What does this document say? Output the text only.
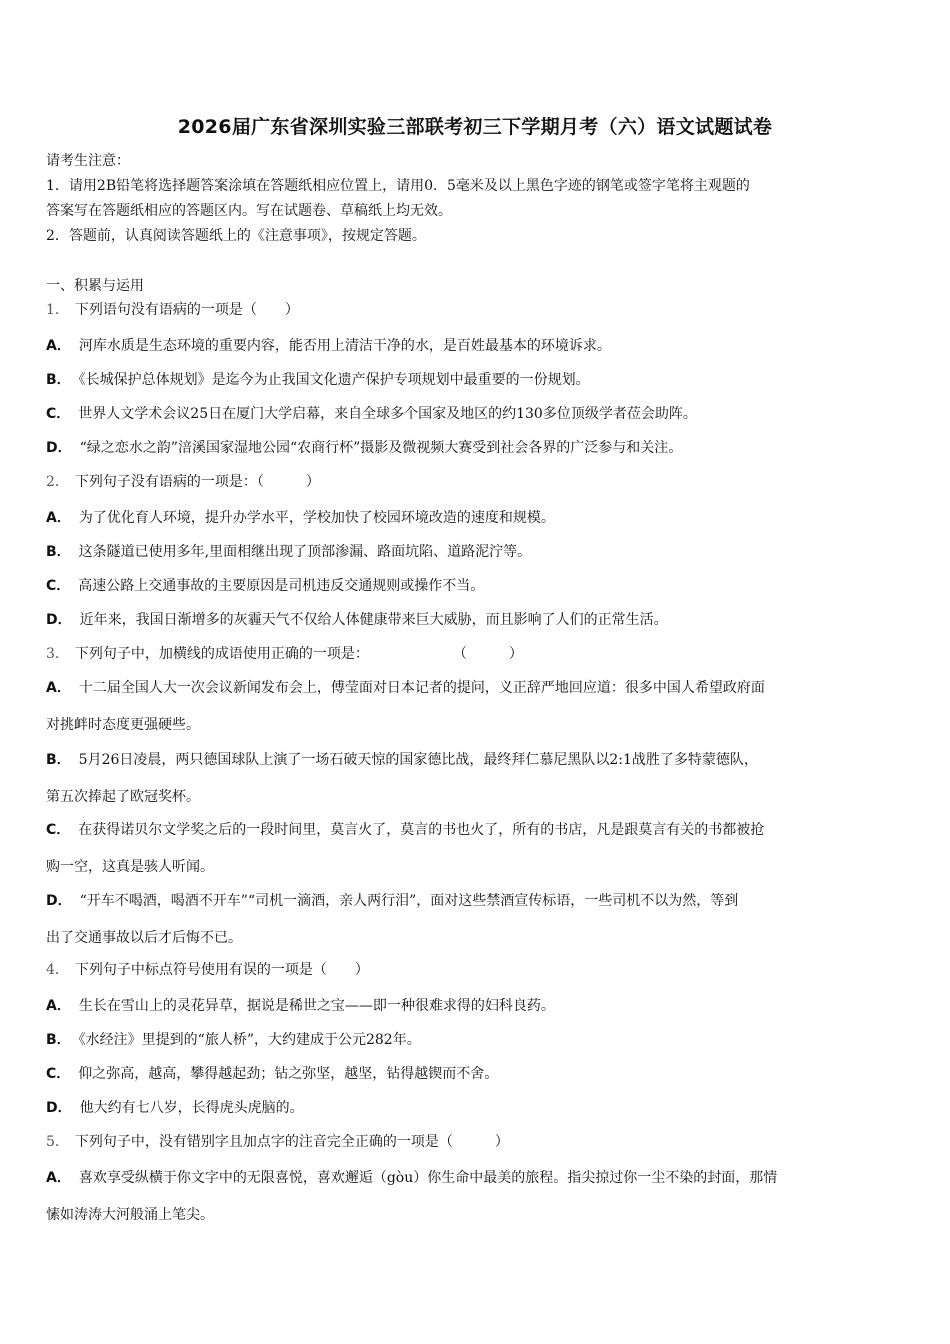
2026届广东省深圳实验三部联考初三下学期月考（六）语文试题试卷
请考生注意：
1．请用2B铅笔将选择题答案涂填在答题纸相应位置上，请用0．5毫米及以上黑色字迹的钢笔或签字笔将主观题的
答案写在答题纸相应的答题区内。写在试题卷、草稿纸上均无效。
2．答题前，认真阅读答题纸上的《注意事项》，按规定答题。
一、积累与运用
1． 下列语句没有语病的一项是（　　）
A． 河库水质是生态环境的重要内容，能否用上清洁干净的水，是百姓最基本的环境诉求。
B． 《长城保护总体规划》是迄今为止我国文化遗产保护专项规划中最重要的一份规划。
C． 世界人文学术会议25日在厦门大学启幕，来自全球多个国家及地区的约130多位顶级学者莅会助阵。
D． “绿之恋水之韵”涪溪国家湿地公园“农商行杯”摄影及微视频大赛受到社会各界的广泛参与和关注。
2． 下列句子没有语病的一项是：（　　　）
A． 为了优化育人环境，提升办学水平，学校加快了校园环境改造的速度和规模。
B． 这条隧道已使用多年,里面相继出现了顶部渗漏、路面坑陷、道路泥泞等。
C． 高速公路上交通事故的主要原因是司机违反交通规则或操作不当。
D． 近年来，我国日渐增多的灰霾天气不仅给人体健康带来巨大威胁，而且影响了人们的正常生活。
3． 下列句子中，加横线的成语使用正确的一项是：	（　　　）
A． 十二届全国人大一次会议新闻发布会上，傅莹面对日本记者的提问，义正辞严地回应道：很多中国人希望政府面
对挑衅时态度更强硬些。
B． 5月26日凌晨，两只德国球队上演了一场石破天惊的国家德比战，最终拜仁慕尼黑队以2:1战胜了多特蒙德队，
第五次捧起了欧冠奖杯。
C． 在获得诺贝尔文学奖之后的一段时间里，莫言火了，莫言的书也火了，所有的书店，凡是跟莫言有关的书都被抢
购一空，这真是骇人听闻。
D． “开车不喝酒，喝酒不开车”“司机一滴酒，亲人两行泪”，面对这些禁酒宣传标语，一些司机不以为然，等到
出了交通事故以后才后悔不已。
4． 下列句子中标点符号使用有误的一项是（　　）
A． 生长在雪山上的灵花异草，据说是稀世之宝——即一种很难求得的妇科良药。
B． 《水经注》里提到的“旅人桥”，大约建成于公元282年。
C． 仰之弥高，越高，攀得越起劲；钻之弥坚，越坚，钻得越锲而不舍。
D． 他大约有七八岁，长得虎头虎脑的。
5． 下列句子中，没有错别字且加点字的注音完全正确的一项是（　　　）
A． 喜欢享受纵横于你文字中的无限喜悦，喜欢邂逅（gòu）你生命中最美的旅程。指尖掠过你一尘不染的封面，那情
愫如涛涛大河般涌上笔尖。
